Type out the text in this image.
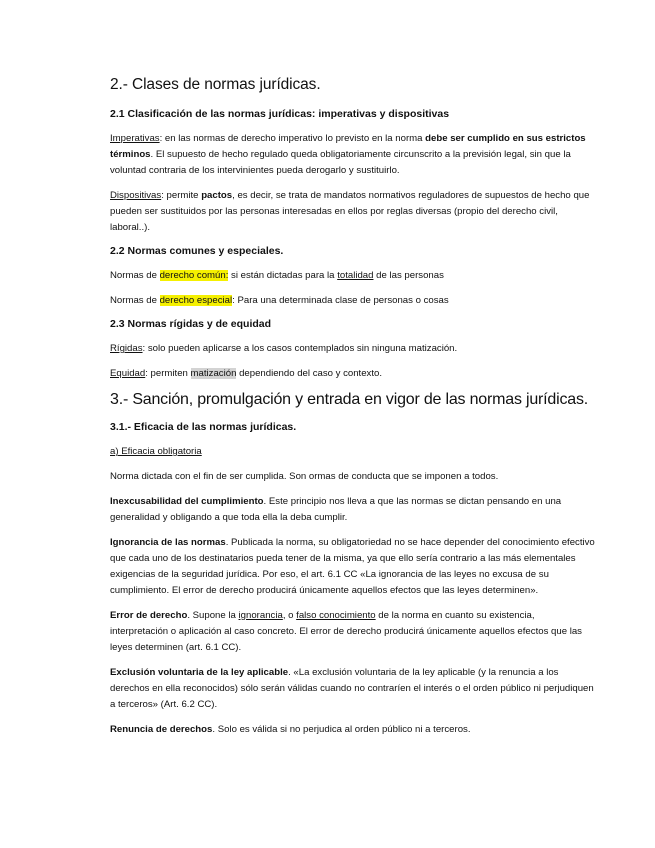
2.- Clases de normas jurídicas.
2.1 Clasificación de las normas jurídicas: imperativas y dispositivas

Imperativas: en las normas de derecho imperativo lo previsto en la norma debe ser cumplido en sus estrictos términos. El supuesto de hecho regulado queda obligatoriamente circunscrito a la previsión legal, sin que la voluntad contraria de los intervinientes pueda derogarlo y sustituirlo.

Dispositivas: permite pactos, es decir, se trata de mandatos normativos reguladores de supuestos de hecho que pueden ser sustituidos por las personas interesadas en ellos por reglas diversas (propio del derecho civil, laboral..).

2.2 Normas comunes y especiales.

Normas de derecho común: si están dictadas para la totalidad de las personas

Normas de derecho especial: Para una determinada clase de personas o cosas

2.3 Normas rígidas y de equidad

Rígidas: solo pueden aplicarse a los casos contemplados sin ninguna matización.

Equidad: permiten matización dependiendo del caso y contexto.

3.- Sanción, promulgación y entrada en vigor de las normas jurídicas.
3.1.- Eficacia de las normas jurídicas.

a) Eficacia obligatoria

Norma dictada con el fin de ser cumplida. Son ormas de conducta que se imponen a todos.

Inexcusabilidad del cumplimiento. Este principio nos lleva a que las normas se dictan pensando en una generalidad y obligando a que toda ella la deba cumplir.

Ignorancia de las normas. Publicada la norma, su obligatoriedad no se hace depender del conocimiento efectivo que cada uno de los destinatarios pueda tener de la misma, ya que ello sería contrario a las más elementales exigencias de la seguridad jurídica. Por eso, el art. 6.1 CC «La ignorancia de las leyes no excusa de su cumplimiento. El error de derecho producirá únicamente aquellos efectos que las leyes determinen».

Error de derecho. Supone la ignorancia, o falso conocimiento de la norma en cuanto su existencia, interpretación o aplicación al caso concreto. El error de derecho producirá únicamente aquellos efectos que las leyes determinen (art. 6.1 CC).

Exclusión voluntaria de la ley aplicable. «La exclusión voluntaria de la ley aplicable (y la renuncia a los derechos en ella reconocidos) sólo serán válidas cuando no contraríen el interés o el orden público ni perjudiquen a terceros» (Art. 6.2 CC).

Renuncia de derechos. Solo es válida si no perjudica al orden público ni a terceros.
